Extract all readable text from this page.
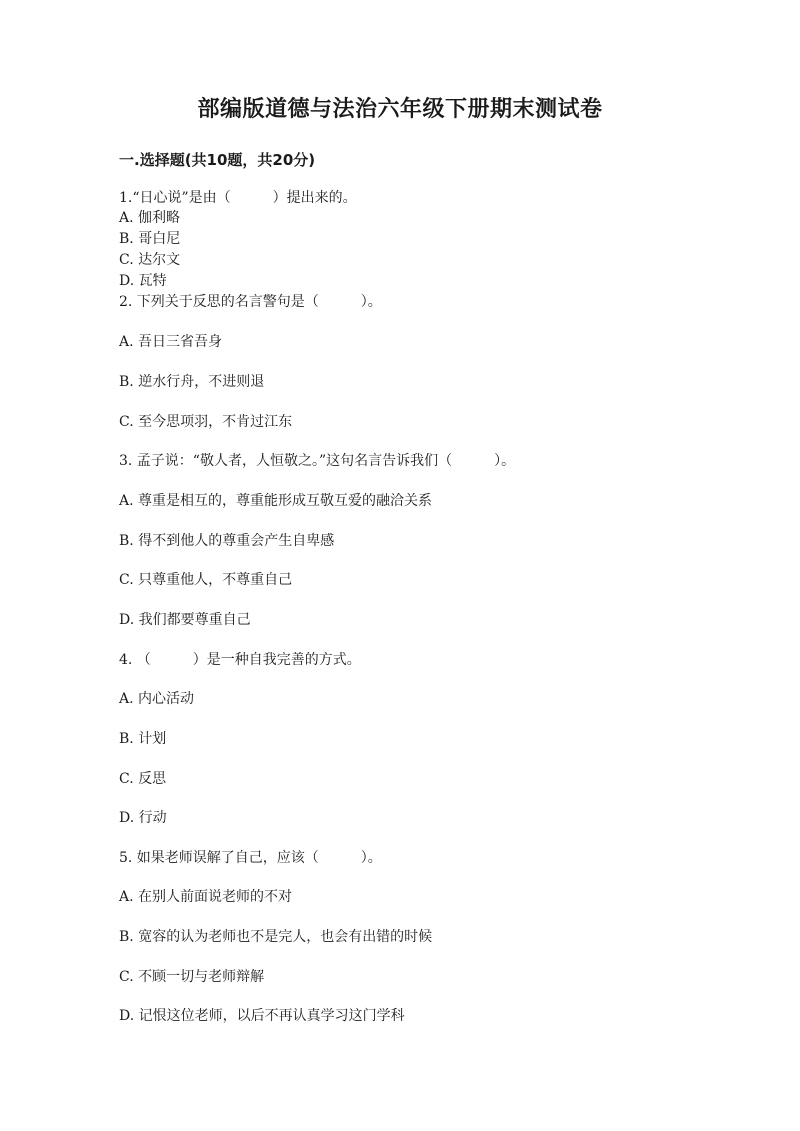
部编版道德与法治六年级下册期末测试卷
一.选择题(共10题，共20分)
1.“日心说”是由（　　　）提出来的。
A. 伽利略
B. 哥白尼
C. 达尔文
D. 瓦特
2. 下列关于反思的名言警句是（　　　）。
A. 吾日三省吾身
B. 逆水行舟，不进则退
C. 至今思项羽，不肯过江东
3. 孟子说：“敬人者，人恒敬之。”这句名言告诉我们（　　　）。
A. 尊重是相互的，尊重能形成互敬互爱的融洽关系
B. 得不到他人的尊重会产生自卑感
C. 只尊重他人，不尊重自己
D. 我们都要尊重自己
4. （　　　）是一种自我完善的方式。
A. 内心活动
B. 计划
C. 反思
D. 行动
5. 如果老师误解了自己，应该（　　　）。
A. 在别人前面说老师的不对
B. 宽容的认为老师也不是完人，也会有出错的时候
C. 不顾一切与老师辩解
D. 记恨这位老师，以后不再认真学习这门学科
